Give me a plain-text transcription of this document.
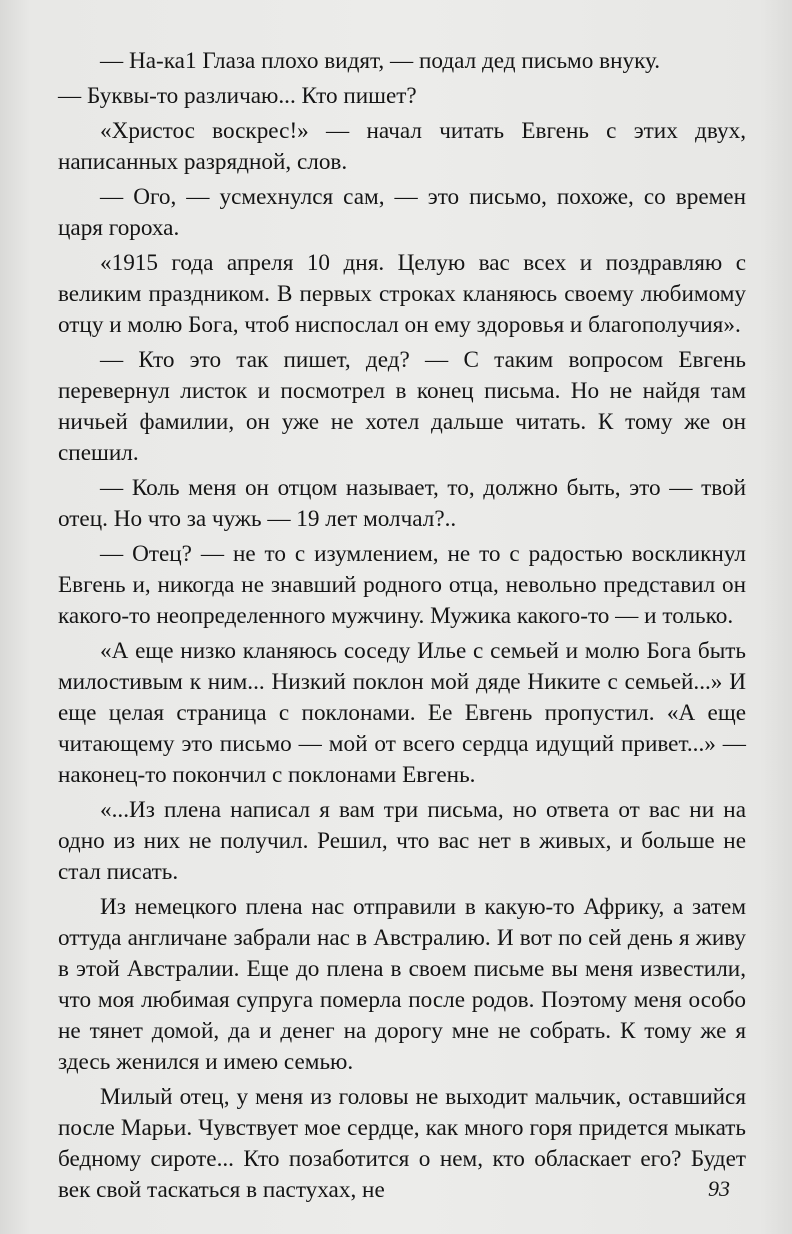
— На-ка1 Глаза плохо видят, — подал дед письмо внуку.

— Буквы-то различаю... Кто пишет?

«Христос воскрес!» — начал читать Евгень с этих двух, написанных разрядной, слов.

— Ого, — усмехнулся сам, — это письмо, похоже, со времен царя гороха.

«1915 года апреля 10 дня. Целую вас всех и поздравляю с великим праздником. В первых строках кланяюсь своему любимому отцу и молю Бога, чтоб ниспослал он ему здоровья и благополучия».

— Кто это так пишет, дед? — С таким вопросом Евгень перевернул листок и посмотрел в конец письма. Но не найдя там ничьей фамилии, он уже не хотел дальше читать. К тому же он спешил.

— Коль меня он отцом называет, то, должно быть, это — твой отец. Но что за чужь — 19 лет молчал?..

— Отец? — не то с изумлением, не то с радостью воскликнул Евгень и, никогда не знавший родного отца, невольно представил он какого-то неопределенного мужчину. Мужика какого-то — и только.

«А еще низко кланяюсь соседу Илье с семьей и молю Бога быть милостивым к ним... Низкий поклон мой дяде Никите с семьей...» И еще целая страница с поклонами. Ее Евгень пропустил. «А еще читающему это письмо — мой от всего сердца идущий привет...» — наконец-то покончил с поклонами Евгень.

«...Из плена написал я вам три письма, но ответа от вас ни на одно из них не получил. Решил, что вас нет в живых, и больше не стал писать.

Из немецкого плена нас отправили в какую-то Африку, а затем оттуда англичане забрали нас в Австралию. И вот по сей день я живу в этой Австралии. Еще до плена в своем письме вы меня известили, что моя любимая супруга померла после родов. Поэтому меня особо не тянет домой, да и денег на дорогу мне не собрать. К тому же я здесь женился и имею семью.

Милый отец, у меня из головы не выходит мальчик, оставшийся после Марьи. Чувствует мое сердце, как много горя придется мыкать бедному сироте... Кто позаботится о нем, кто обласкает его? Будет век свой таскаться в пастухах, не	93
